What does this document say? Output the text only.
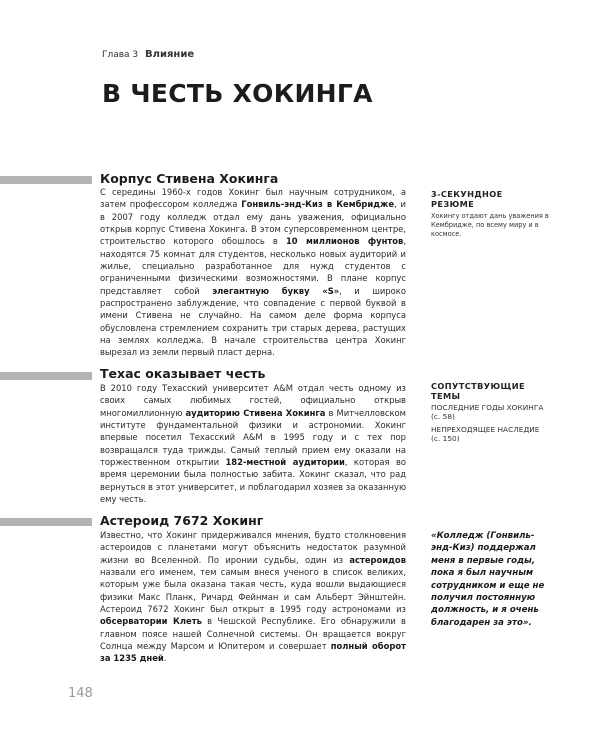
Глава 3 Влияние
В ЧЕСТЬ ХОКИНГА
Корпус Стивена Хокинга

С середины 1960-х годов Хокинг был научным сотрудником, а затем профессором колледжа Гонвиль-энд-Киз в Кембридже, и в 2007 году колледж отдал ему дань уважения, официально открыв корпус Стивена Хокинга. В этом суперсовременном центре, строительство которого обошлось в 10 миллионов фунтов, находятся 75 комнат для студентов, несколько новых аудиторий и жилье, специально разработанное для нужд студентов с ограниченными физическими возможностями. В плане корпус представляет собой элегантную букву «S», и широко распространено заблуждение, что совпадение с первой буквой в имени Стивена не случайно. На самом деле форма корпуса обусловлена стремлением сохранить три старых дерева, растущих на землях колледжа. В начале строительства центра Хокинг вырезал из земли первый пласт дерна.

Техас оказывает честь

В 2010 году Техасский университет A&M отдал честь одному из своих самых любимых гостей, официально открыв многомиллионную аудиторию Стивена Хокинга в Митчелловском институте фундаментальной физики и астрономии. Хокинг впервые посетил Техасский A&M в 1995 году и с тех пор возвращался туда трижды. Самый теплый прием ему оказали на торжественном открытии 182-местной аудитории, которая во время церемонии была полностью забита. Хокинг сказал, что рад вернуться в этот университет, и поблагодарил хозяев за оказанную ему честь.

Астероид 7672 Хокинг

Известно, что Хокинг придерживался мнения, будто столкновения астероидов с планетами могут объяснить недостаток разумной жизни во Вселенной. По иронии судьбы, один из астероидов назвали его именем, тем самым внеся ученого в список великих, которым уже была оказана такая честь, куда вошли выдающиеся физики Макс Планк, Ричард Фейнман и сам Альберт Эйнштейн. Астероид 7672 Хокинг был открыт в 1995 году астрономами из обсерватории Клеть в Чешской Республике. Его обнаружили в главном поясе нашей Солнечной системы. Он вращается вокруг Солнца между Марсом и Юпитером и совершает полный оборот за 1235 дней.

3-СЕКУНДНОЕ РЕЗЮМЕ
Хокингу отдают дань уважения в Кембридже, по всему миру и в космосе.
СОПУТСТВУЮЩИЕ ТЕМЫ
ПОСЛЕДНИЕ ГОДЫ ХОКИНГА
(с. 58)
НЕПРЕХОДЯЩЕЕ НАСЛЕДИЕ
(с. 150)

«Колледж (Гонвиль-энд-Киз) поддержал меня в первые годы, пока я был научным сотрудником и еще не получил постоянную должность, и я очень благодарен за это».

148
